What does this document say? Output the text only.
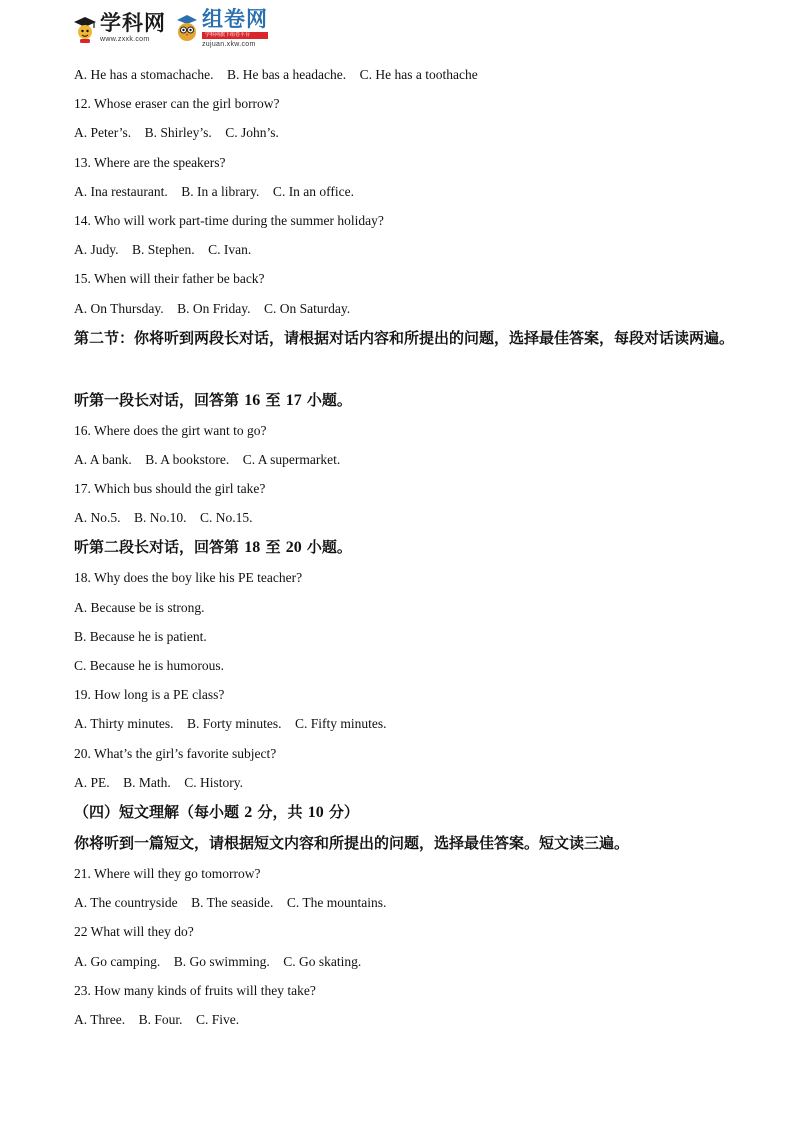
学科网
www.zxxk.com
组卷网
学科网旗下组卷平台
zujuan.xkw.com
A. He has a stomachache.    B. He bas a headache.    C. He has a toothache
12. Whose eraser can the girl borrow?
A. Peter’s.    B. Shirley’s.    C. John’s.
13. Where are the speakers?
A. Ina restaurant.    B. In a library.    C. In an office.
14. Who will work part-time during the summer holiday?
A. Judy.    B. Stephen.    C. Ivan.
15. When will their father be back?
A. On Thursday.    B. On Friday.    C. On Saturday.
第二节：你将听到两段长对话，请根据对话内容和所提出的问题，选择最佳答案，每段对话读两遍。
听第一段长对话，回答第 16 至 17 小题。
16. Where does the girt want to go?
A. A bank.    B. A bookstore.    C. A supermarket.
17. Which bus should the girl take?
A. No.5.    B. No.10.    C. No.15.
听第二段长对话，回答第 18 至 20 小题。
18. Why does the boy like his PE teacher?
A. Because be is strong.
B. Because he is patient.
C. Because he is humorous.
19. How long is a PE class?
A. Thirty minutes.    B. Forty minutes.    C. Fifty minutes.
20. What’s the girl’s favorite subject?
A. PE.    B. Math.    C. History.
（四）短文理解（每小题 2 分，共 10 分）
你将听到一篇短文，请根据短文内容和所提出的问题，选择最佳答案。短文读三遍。
21. Where will they go tomorrow?
A. The countryside    B. The seaside.    C. The mountains.
22 What will they do?
A. Go camping.    B. Go swimming.    C. Go skating.
23. How many kinds of fruits will they take?
A. Three.    B. Four.    C. Five.
